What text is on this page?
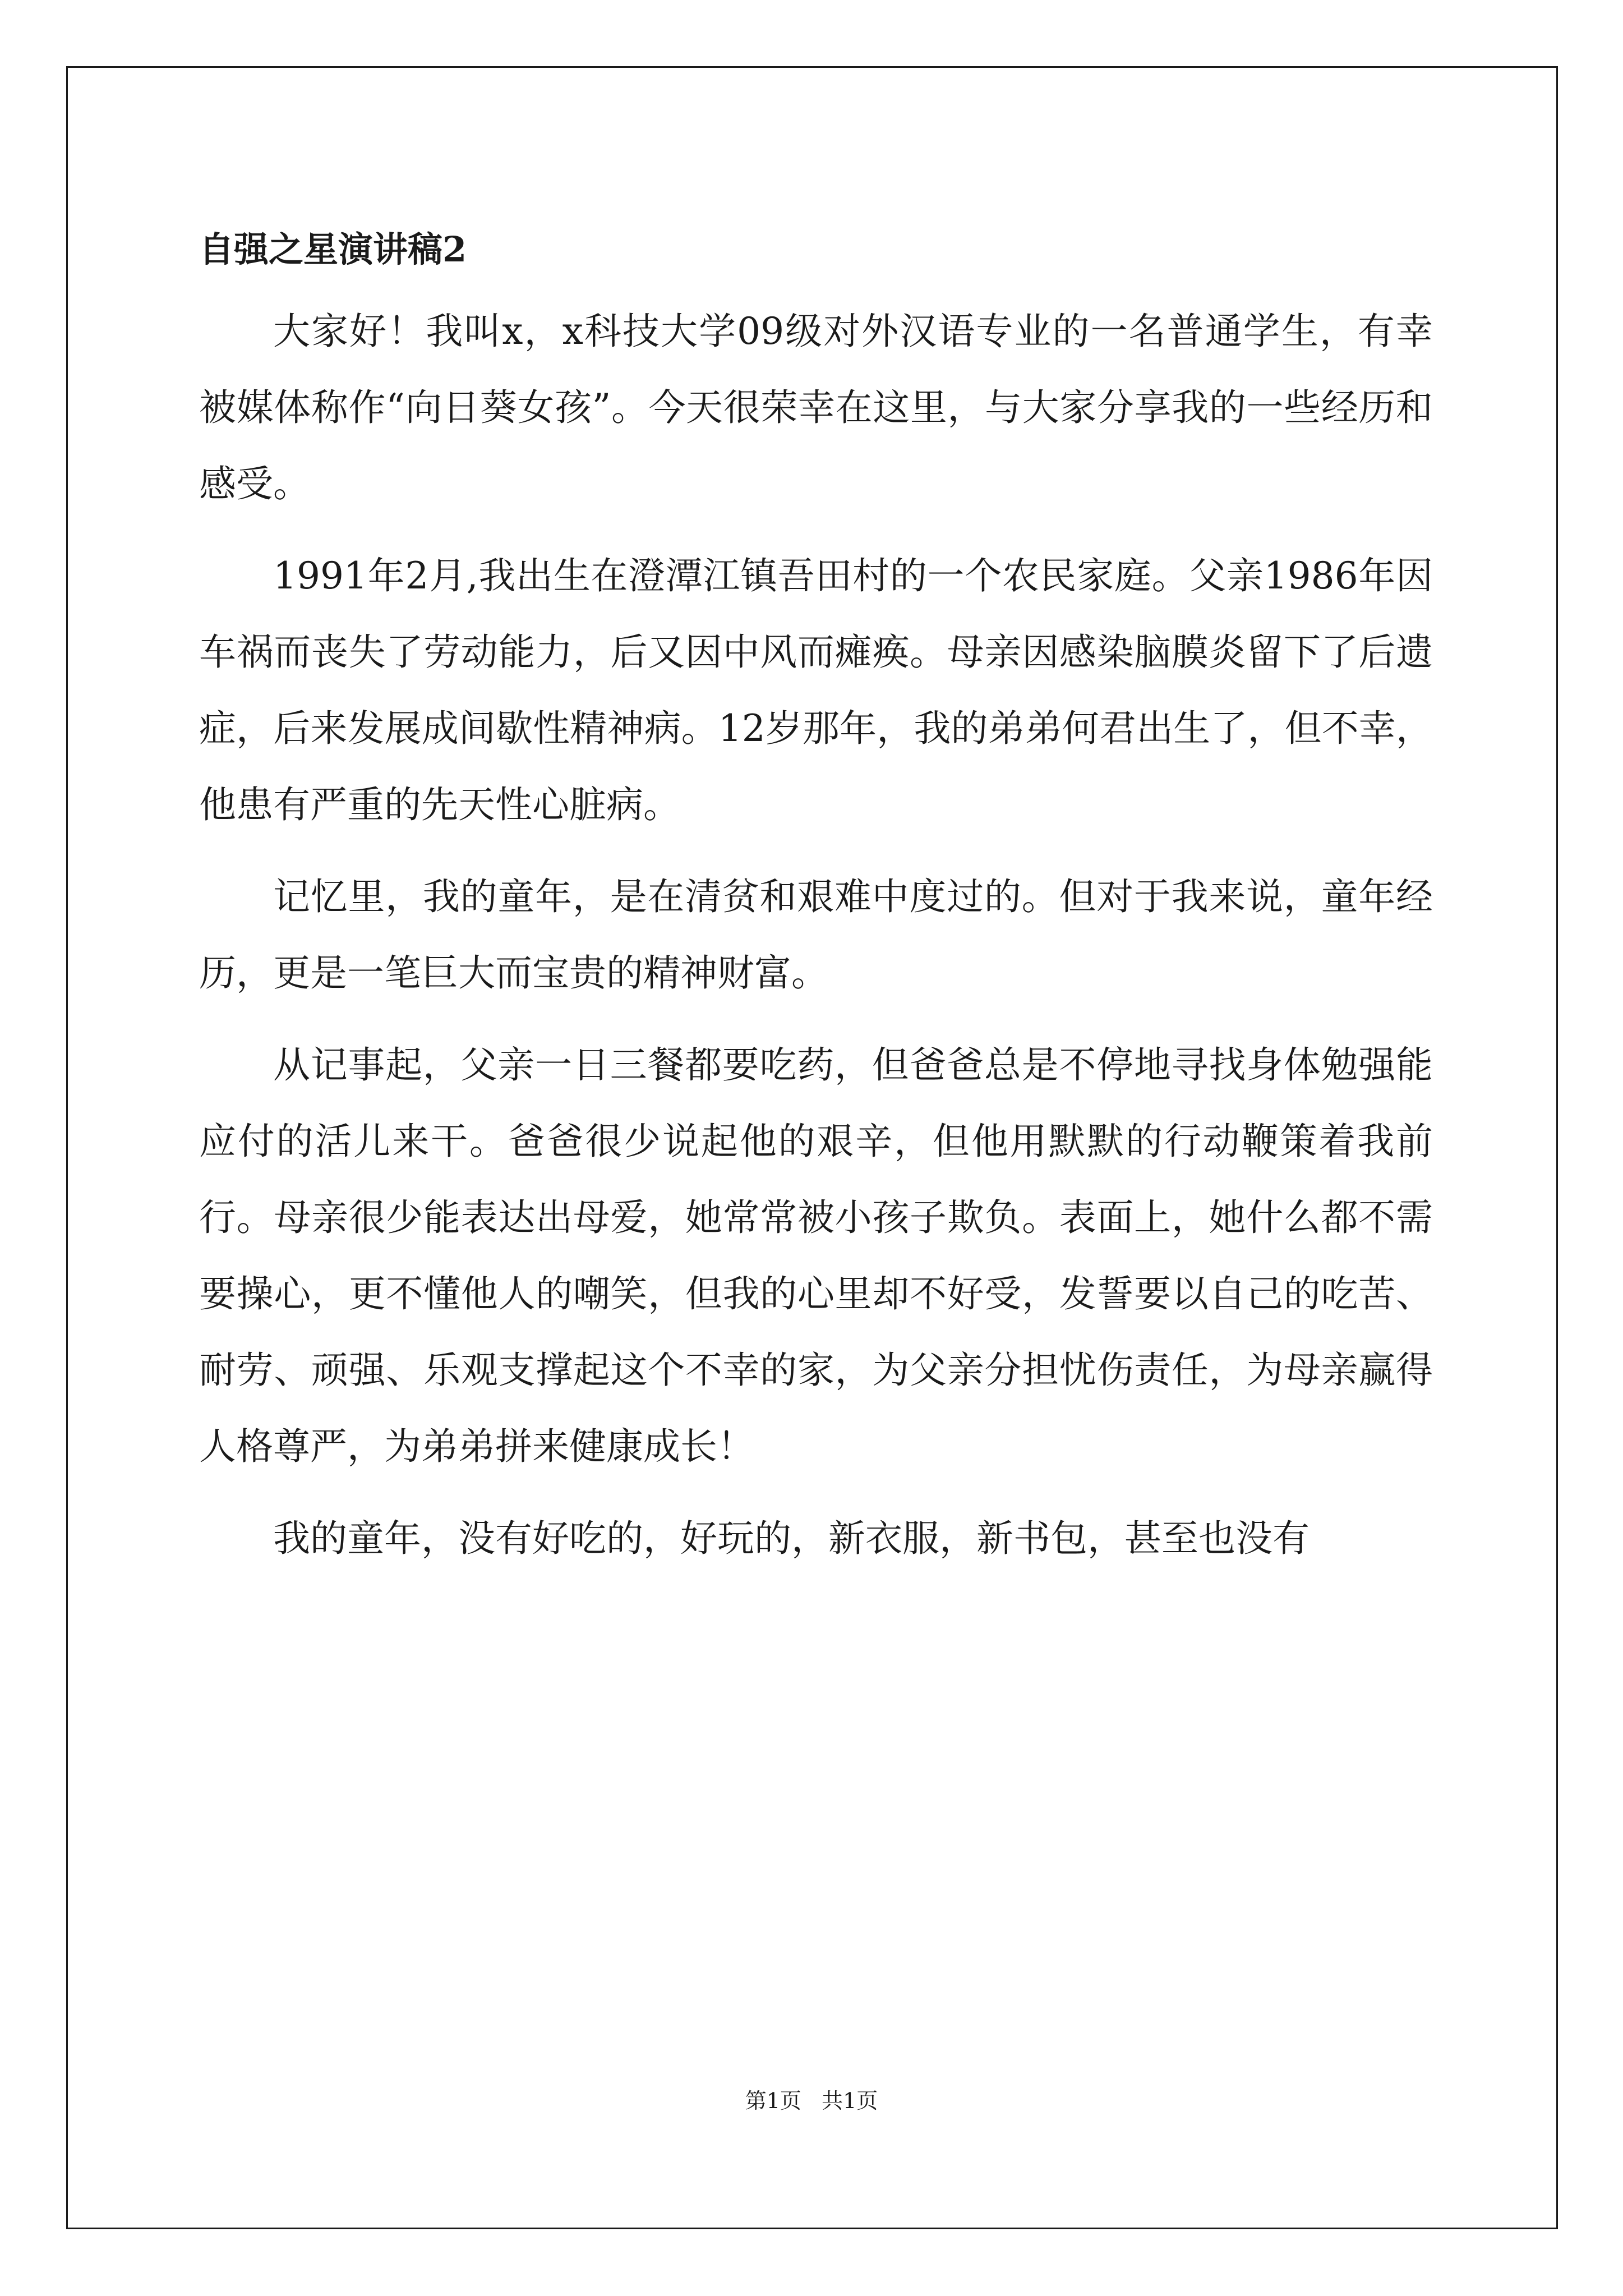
自强之星演讲稿2

大家好！我叫x，x科技大学09级对外汉语专业的一名普通学生，有幸被媒体称作“向日葵女孩”。今天很荣幸在这里，与大家分享我的一些经历和感受。

1991年2月,我出生在澄潭江镇吾田村的一个农民家庭。父亲1986年因车祸而丧失了劳动能力，后又因中风而瘫痪。母亲因感染脑膜炎留下了后遗症，后来发展成间歇性精神病。12岁那年，我的弟弟何君出生了，但不幸，他患有严重的先天性心脏病。

记忆里，我的童年，是在清贫和艰难中度过的。但对于我来说，童年经历，更是一笔巨大而宝贵的精神财富。

从记事起，父亲一日三餐都要吃药，但爸爸总是不停地寻找身体勉强能应付的活儿来干。爸爸很少说起他的艰辛，但他用默默的行动鞭策着我前行。母亲很少能表达出母爱，她常常被小孩子欺负。表面上，她什么都不需要操心，更不懂他人的嘲笑，但我的心里却不好受，发誓要以自己的吃苦、耐劳、顽强、乐观支撑起这个不幸的家，为父亲分担忧伤责任，为母亲赢得人格尊严，为弟弟拼来健康成长！

我的童年，没有好吃的，好玩的，新衣服，新书包，甚至也没有

第1页   共1页
